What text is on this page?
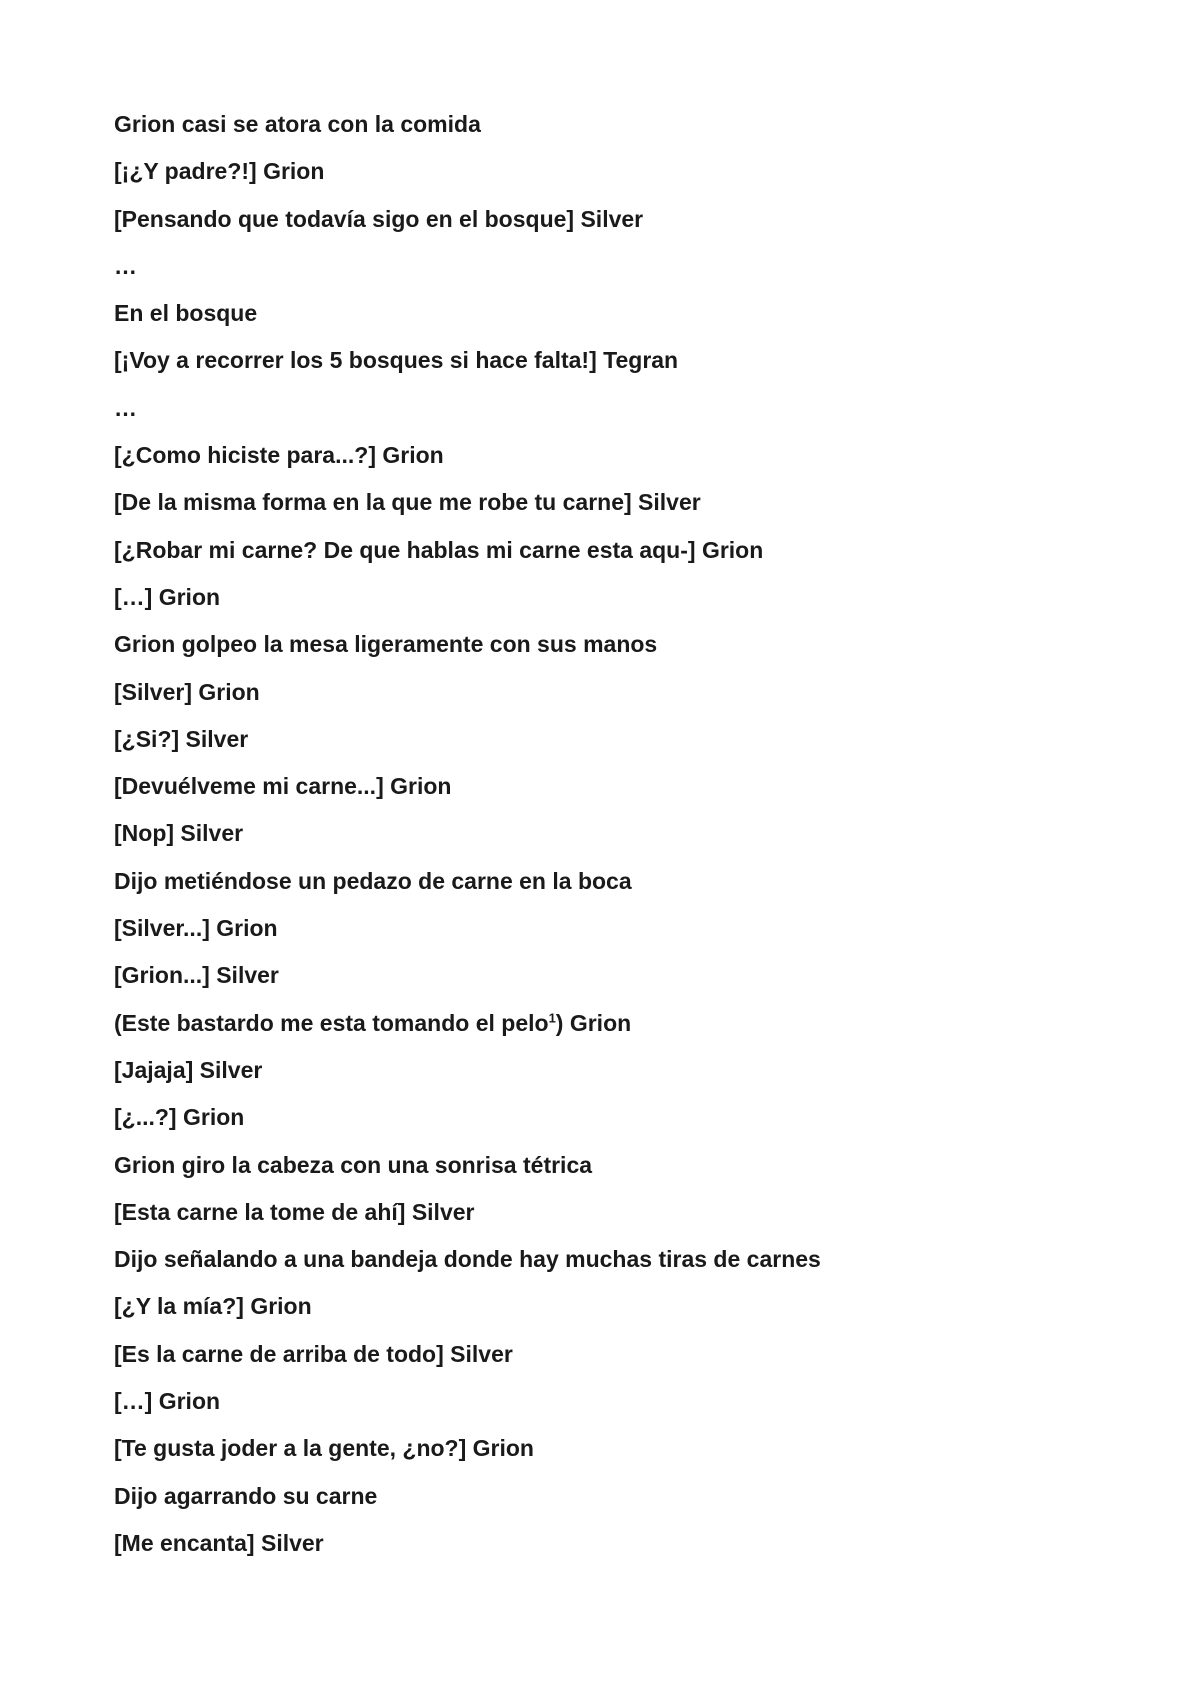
Grion casi se atora con la comida

[¡¿Y padre?!] Grion

[Pensando que todavía sigo en el bosque] Silver

…

En el bosque

[¡Voy a recorrer los 5 bosques si hace falta!] Tegran

…

[¿Como hiciste para...?] Grion

[De la misma forma en la que me robe tu carne] Silver

[¿Robar mi carne? De que hablas mi carne esta aqu-] Grion

[…] Grion

Grion golpeo la mesa ligeramente con sus manos

[Silver] Grion

[¿Si?] Silver

[Devuélveme mi carne...] Grion

[Nop] Silver

Dijo metiéndose un pedazo de carne en la boca

[Silver...] Grion

[Grion...] Silver

(Este bastardo me esta tomando el pelo$^1$) Grion

[Jajaja] Silver

[¿...?] Grion

Grion giro la cabeza con una sonrisa tétrica

[Esta carne la tome de ahí] Silver

Dijo señalando a una bandeja donde hay muchas tiras de carnes

[¿Y la mía?] Grion

[Es la carne de arriba de todo] Silver

[…] Grion

[Te gusta joder a la gente, ¿no?] Grion

Dijo agarrando su carne

[Me encanta] Silver
